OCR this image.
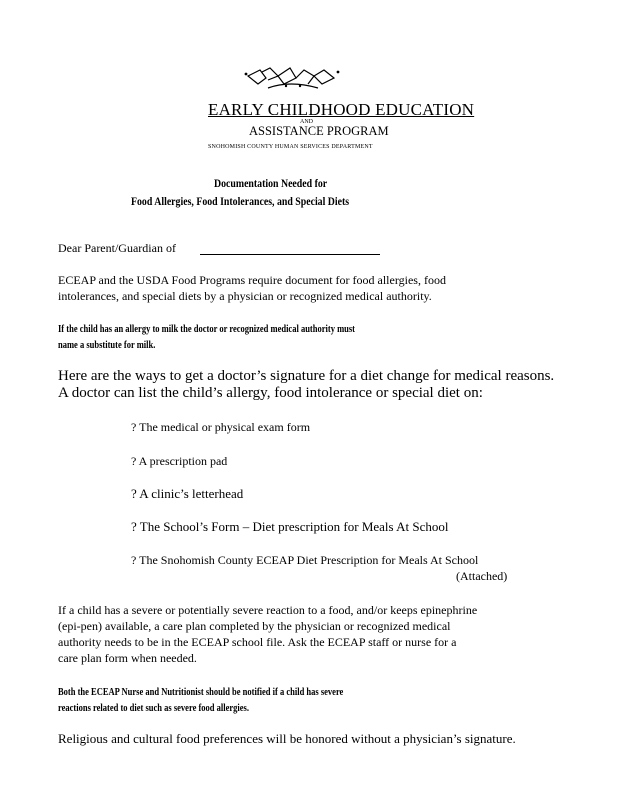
EARLY CHILDHOOD EDUCATION
AND
ASSISTANCE PROGRAM
SNOHOMISH COUNTY HUMAN SERVICES DEPARTMENT
Documentation Needed for
Food Allergies, Food Intolerances, and Special Diets
Dear Parent/Guardian of
ECEAP and the USDA Food Programs require document for food allergies, food
intolerances, and special diets by a physician or recognized medical authority.
If the child has an allergy to milk the doctor or recognized medical authority must
name a substitute for milk.
Here are the ways to get a doctor’s signature for a diet change for medical reasons.
A doctor can list the child’s allergy, food intolerance or special diet on:
? The medical or physical exam form
? A prescription pad
? A clinic’s letterhead
? The School’s Form – Diet prescription for Meals At School
? The Snohomish County ECEAP Diet Prescription for Meals At School
(Attached)
If a child has a severe or potentially severe reaction to a food, and/or keeps epinephrine
(epi-pen) available, a care plan completed by the physician or recognized medical
authority needs to be in the ECEAP school file. Ask the ECEAP staff or nurse for a
care plan form when needed.
Both the ECEAP Nurse and Nutritionist should be notified if a child has severe
reactions related to diet such as severe food allergies.
Religious and cultural food preferences will be honored without a physician’s signature.
